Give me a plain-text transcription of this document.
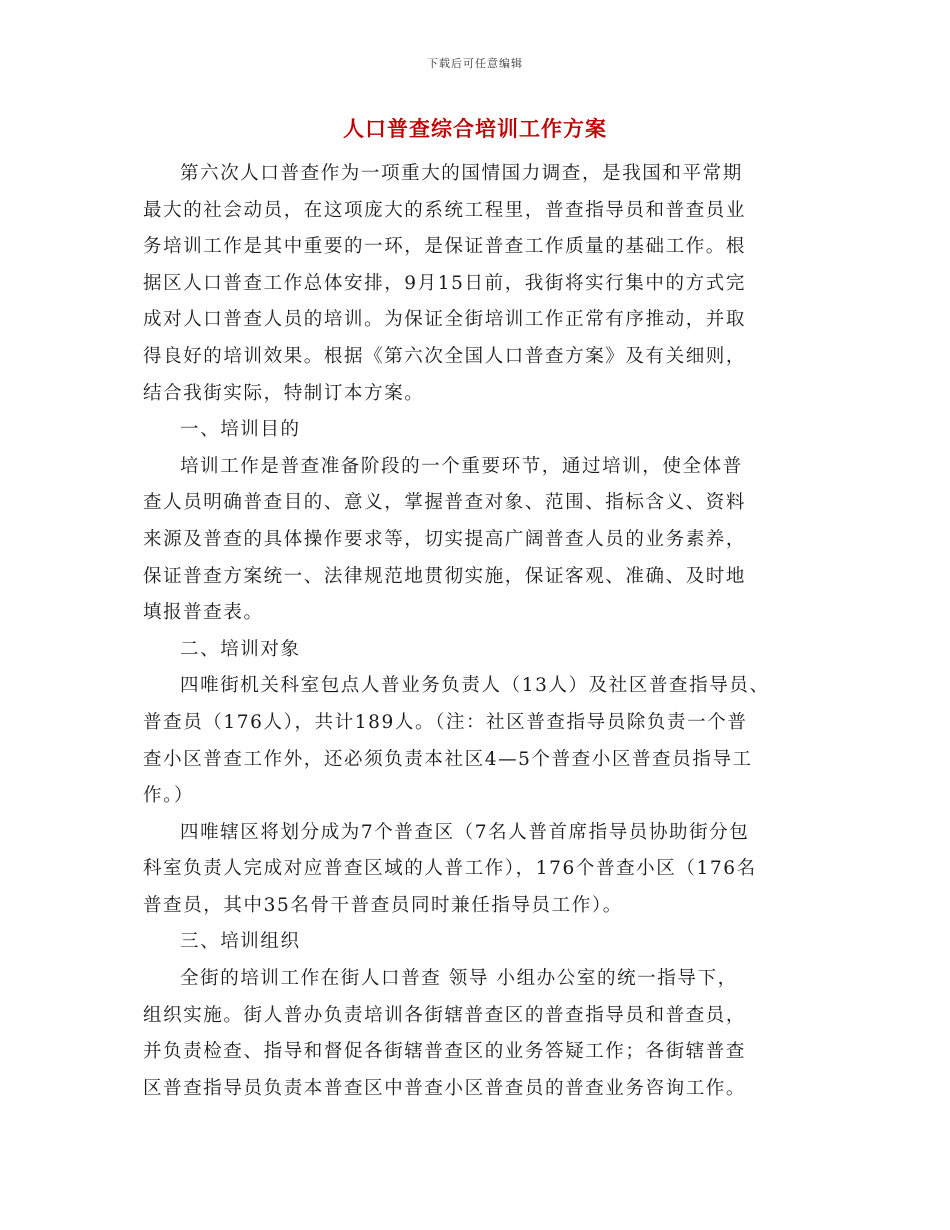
下载后可任意编辑
人口普查综合培训工作方案

第六次人口普查作为一项重大的国情国力调查，是我国和平常期
最大的社会动员，在这项庞大的系统工程里，普查指导员和普查员业
务培训工作是其中重要的一环，是保证普查工作质量的基础工作。根
据区人口普查工作总体安排，9月15日前，我街将实行集中的方式完
成对人口普查人员的培训。为保证全街培训工作正常有序推动，并取
得良好的培训效果。根据《第六次全国人口普查方案》及有关细则，
结合我街实际，特制订本方案。

一、培训目的

培训工作是普查准备阶段的一个重要环节，通过培训，使全体普
查人员明确普查目的、意义，掌握普查对象、范围、指标含义、资料
来源及普查的具体操作要求等，切实提高广阔普查人员的业务素养，
保证普查方案统一、法律规范地贯彻实施，保证客观、准确、及时地
填报普查表。

二、培训对象

四唯街机关科室包点人普业务负责人（13人）及社区普查指导员、
普查员（176人），共计189人。（注：社区普查指导员除负责一个普
查小区普查工作外，还必须负责本社区4—5个普查小区普查员指导工
作。）

四唯辖区将划分成为7个普查区（7名人普首席指导员协助街分包
科室负责人完成对应普查区域的人普工作），176个普查小区（176名
普查员，其中35名骨干普查员同时兼任指导员工作）。

三、培训组织

全街的培训工作在街人口普查 领导 小组办公室的统一指导下，
组织实施。街人普办负责培训各街辖普查区的普查指导员和普查员，
并负责检查、指导和督促各街辖普查区的业务答疑工作；各街辖普查
区普查指导员负责本普查区中普查小区普查员的普查业务咨询工作。
